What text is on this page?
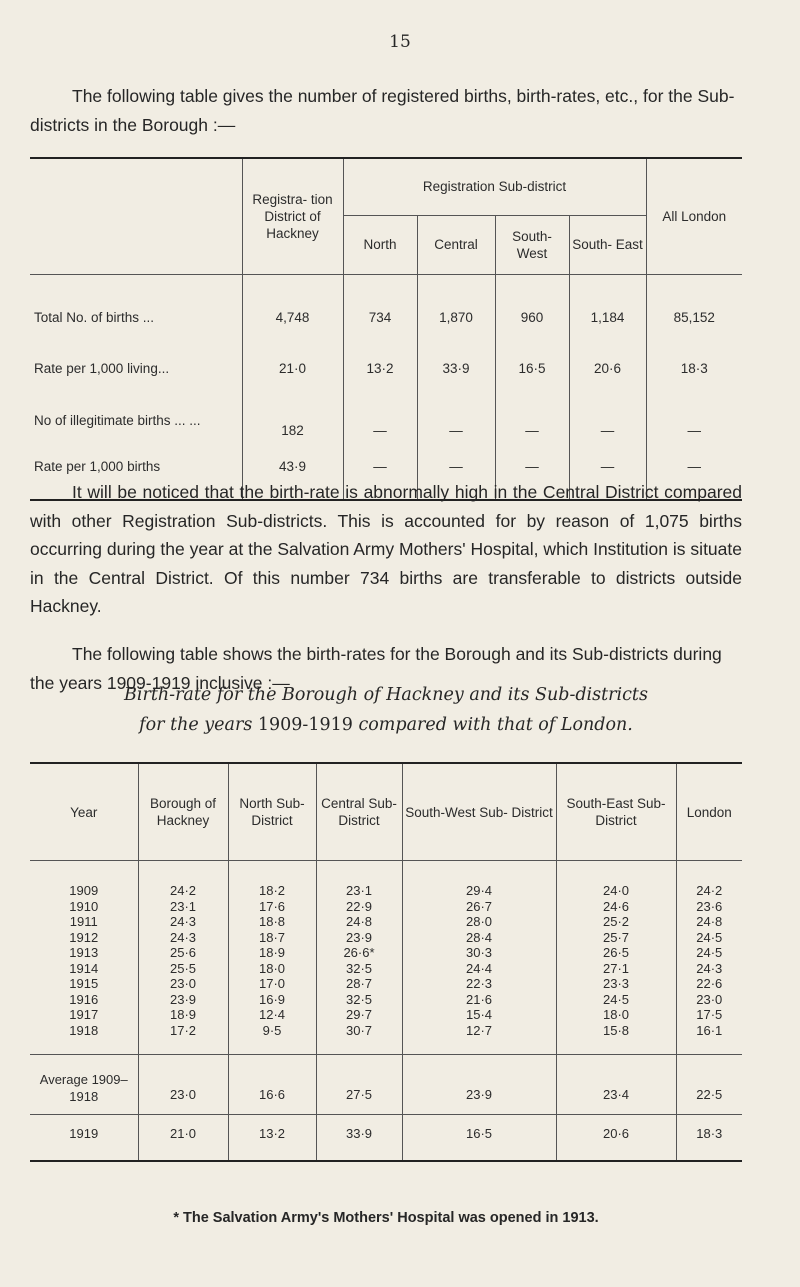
15

The following table gives the number of registered births, birth-rates, etc., for the Sub-districts in the Borough :—

	Registra- tion District of Hackney	Registration Sub-district				All London
		North	Central	South- West	South- East	
Total No. of births ...	4,748	734	1,870	960	1,184	85,152
Rate per 1,000 living...	21·0	13·2	33·9	16·5	20·6	18·3
No of illegitimate births ... ...	182	—	—	—	—	—
Rate per 1,000 births	43·9	—	—	—	—	—

It will be noticed that the birth-rate is abnormally high in the Central District compared with other Registration Sub-districts. This is accounted for by reason of 1,075 births occurring during the year at the Salvation Army Mothers' Hospital, which Institution is situate in the Central District. Of this number 734 births are transferable to districts outside Hackney.

The following table shows the birth-rates for the Borough and its Sub-districts during the years 1909-1919 inclusive :—

Birth-rate for the Borough of Hackney and its Sub-districts
for the years 1909-1919 compared with that of London.
Year	Borough of Hackney	North Sub- District	Central Sub- District	South-West Sub- District	South-East Sub- District	London
1909	24·2	18·2	23·1	29·4	24·0	24·2
1910	23·1	17·6	22·9	26·7	24·6	23·6
1911	24·3	18·8	24·8	28·0	25·2	24·8
1912	24·3	18·7	23·9	28·4	25·7	24·5
1913	25·6	18·9	26·6*	30·3	26·5	24·5
1914	25·5	18·0	32·5	24·4	27·1	24·3
1915	23·0	17·0	28·7	22·3	23·3	22·6
1916	23·9	16·9	32·5	21·6	24·5	23·0
1917	18·9	12·4	29·7	15·4	18·0	17·5
1918	17·2	9·5	30·7	12·7	15·8	16·1
Average 1909–1918	23·0	16·6	27·5	23·9	23·4	22·5
1919	21·0	13·2	33·9	16·5	20·6	18·3
* The Salvation Army's Mothers' Hospital was opened in 1913.
